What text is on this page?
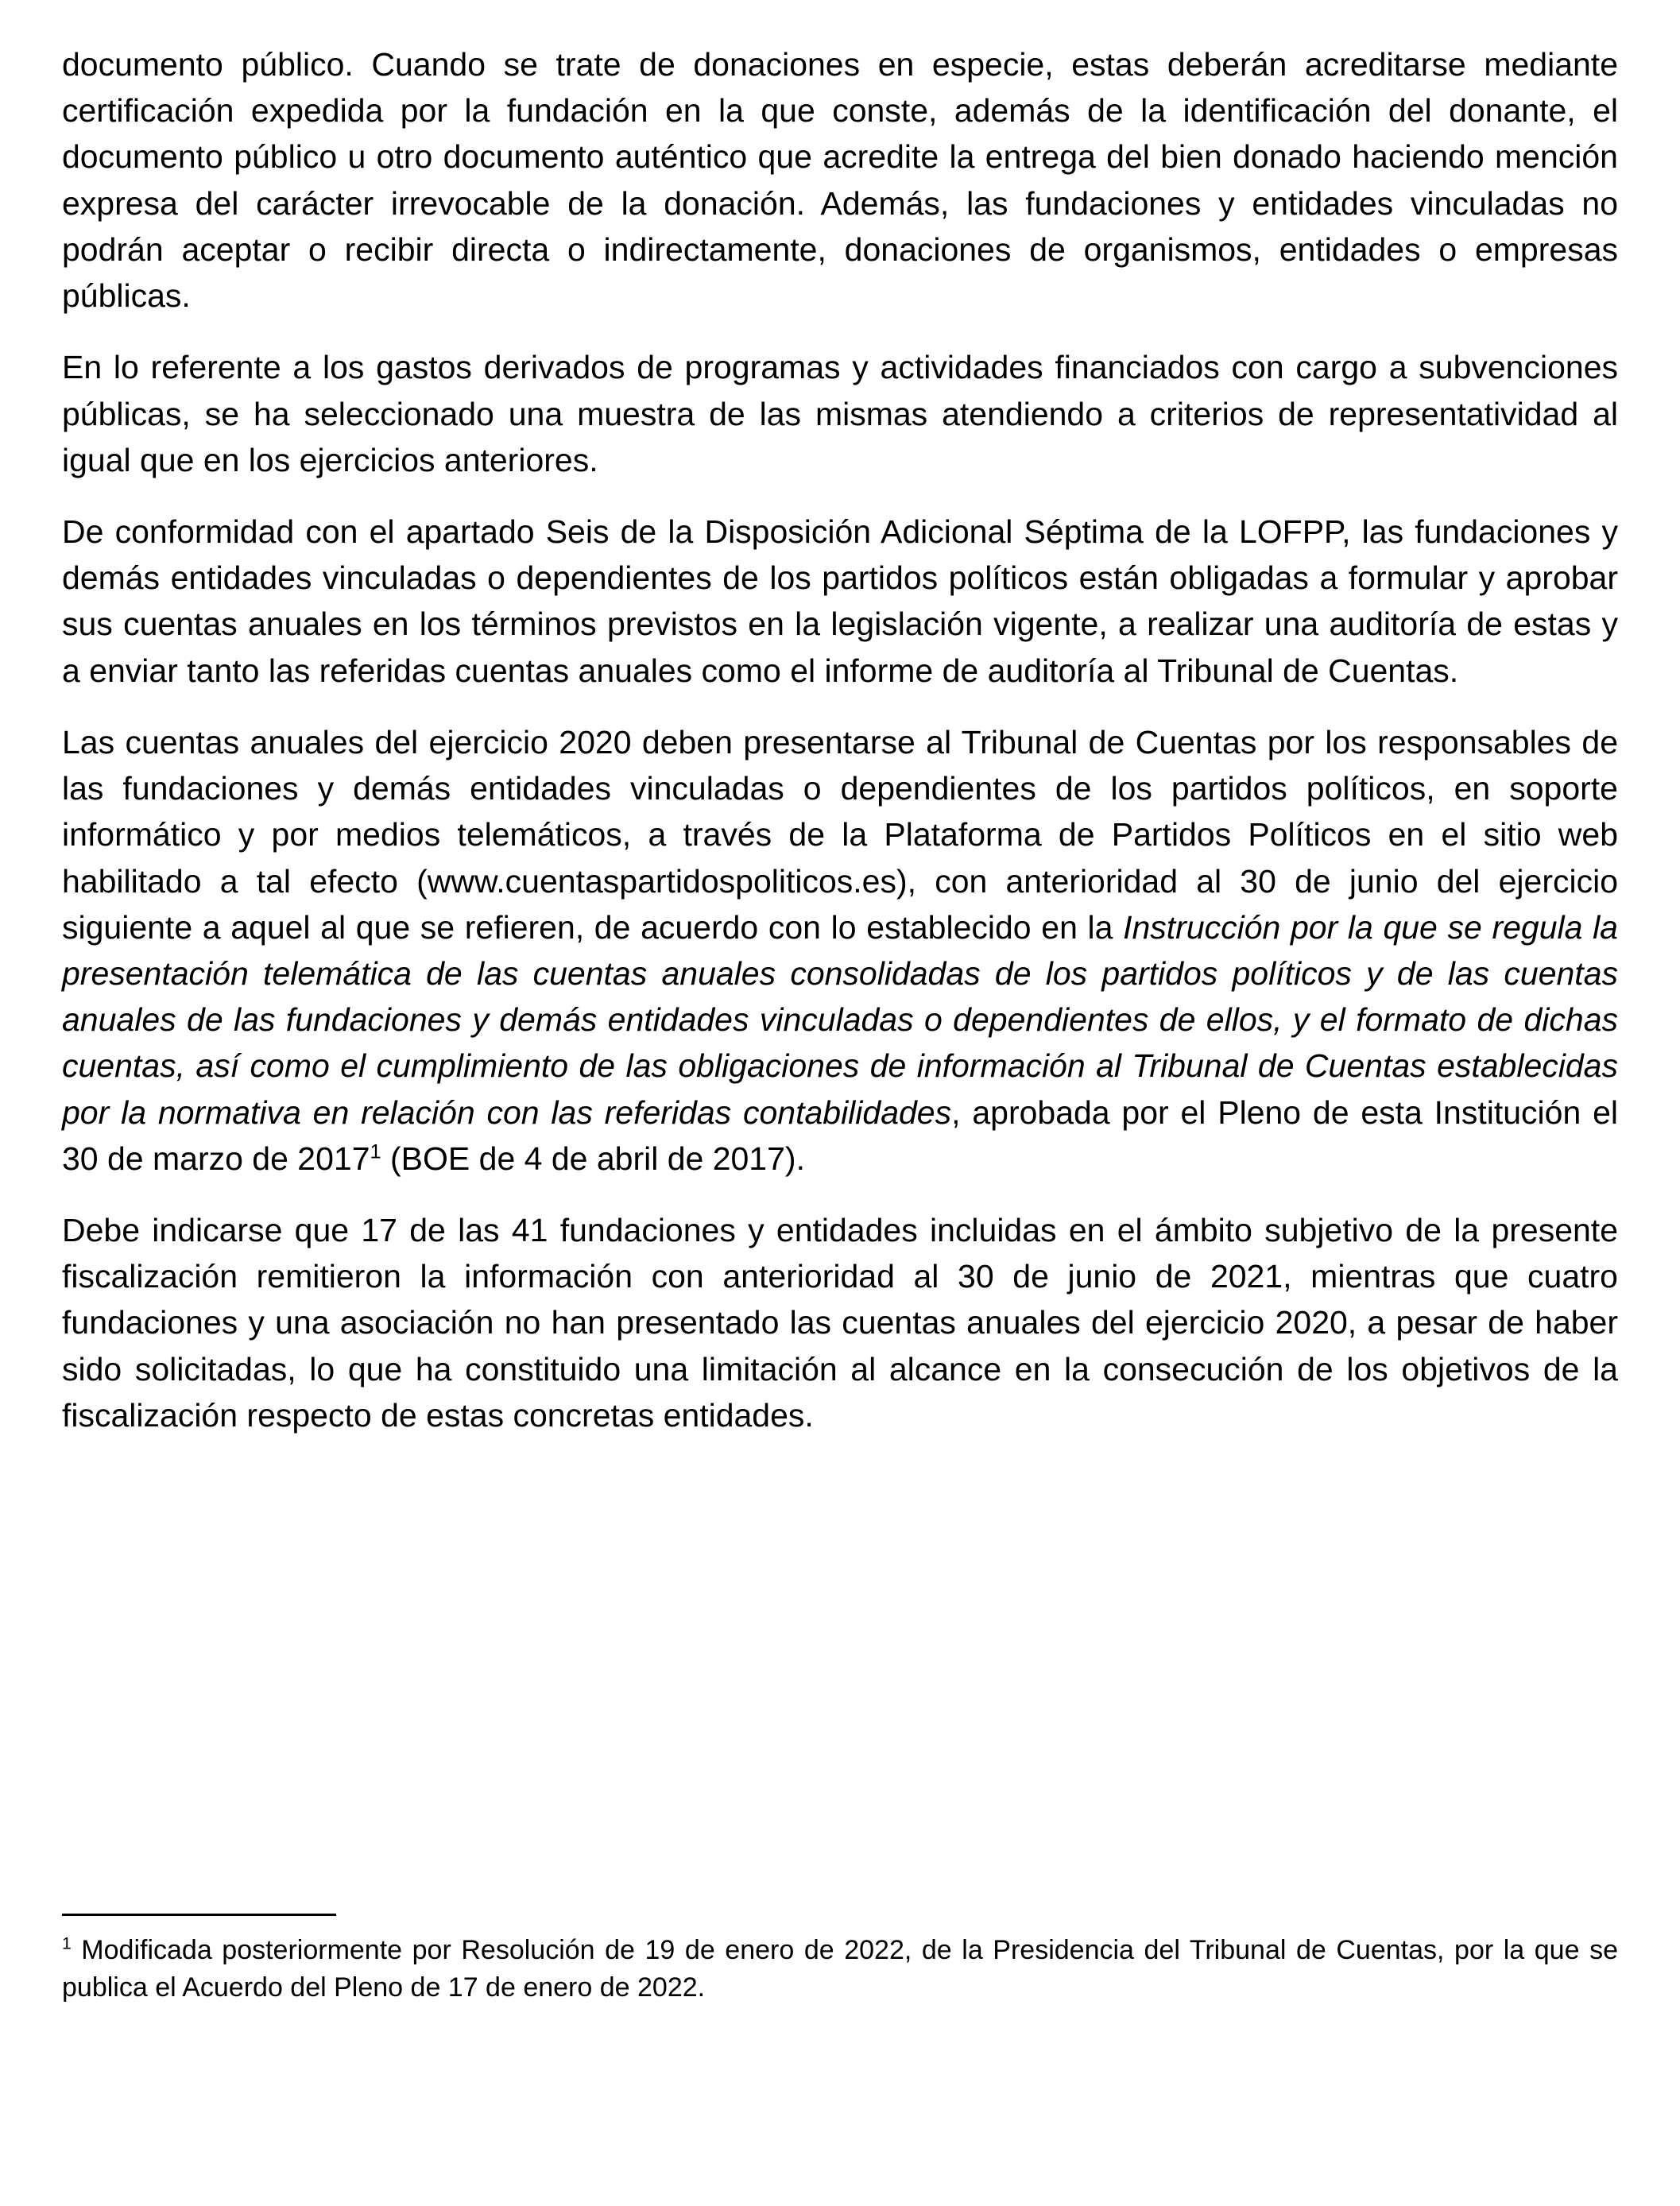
documento público. Cuando se trate de donaciones en especie, estas deberán acreditarse mediante certificación expedida por la fundación en la que conste, además de la identificación del donante, el documento público u otro documento auténtico que acredite la entrega del bien donado haciendo mención expresa del carácter irrevocable de la donación. Además, las fundaciones y entidades vinculadas no podrán aceptar o recibir directa o indirectamente, donaciones de organismos, entidades o empresas públicas.

En lo referente a los gastos derivados de programas y actividades financiados con cargo a subvenciones públicas, se ha seleccionado una muestra de las mismas atendiendo a criterios de representatividad al igual que en los ejercicios anteriores.

De conformidad con el apartado Seis de la Disposición Adicional Séptima de la LOFPP, las fundaciones y demás entidades vinculadas o dependientes de los partidos políticos están obligadas a formular y aprobar sus cuentas anuales en los términos previstos en la legislación vigente, a realizar una auditoría de estas y a enviar tanto las referidas cuentas anuales como el informe de auditoría al Tribunal de Cuentas.

Las cuentas anuales del ejercicio 2020 deben presentarse al Tribunal de Cuentas por los responsables de las fundaciones y demás entidades vinculadas o dependientes de los partidos políticos, en soporte informático y por medios telemáticos, a través de la Plataforma de Partidos Políticos en el sitio web habilitado a tal efecto (www.cuentaspartidospoliticos.es), con anterioridad al 30 de junio del ejercicio siguiente a aquel al que se refieren, de acuerdo con lo establecido en la Instrucción por la que se regula la presentación telemática de las cuentas anuales consolidadas de los partidos políticos y de las cuentas anuales de las fundaciones y demás entidades vinculadas o dependientes de ellos, y el formato de dichas cuentas, así como el cumplimiento de las obligaciones de información al Tribunal de Cuentas establecidas por la normativa en relación con las referidas contabilidades, aprobada por el Pleno de esta Institución el 30 de marzo de 2017$^1$ (BOE de 4 de abril de 2017).

Debe indicarse que 17 de las 41 fundaciones y entidades incluidas en el ámbito subjetivo de la presente fiscalización remitieron la información con anterioridad al 30 de junio de 2021, mientras que cuatro fundaciones y una asociación no han presentado las cuentas anuales del ejercicio 2020, a pesar de haber sido solicitadas, lo que ha constituido una limitación al alcance en la consecución de los objetivos de la fiscalización respecto de estas concretas entidades.

$^1$ Modificada posteriormente por Resolución de 19 de enero de 2022, de la Presidencia del Tribunal de Cuentas, por la que se publica el Acuerdo del Pleno de 17 de enero de 2022.
